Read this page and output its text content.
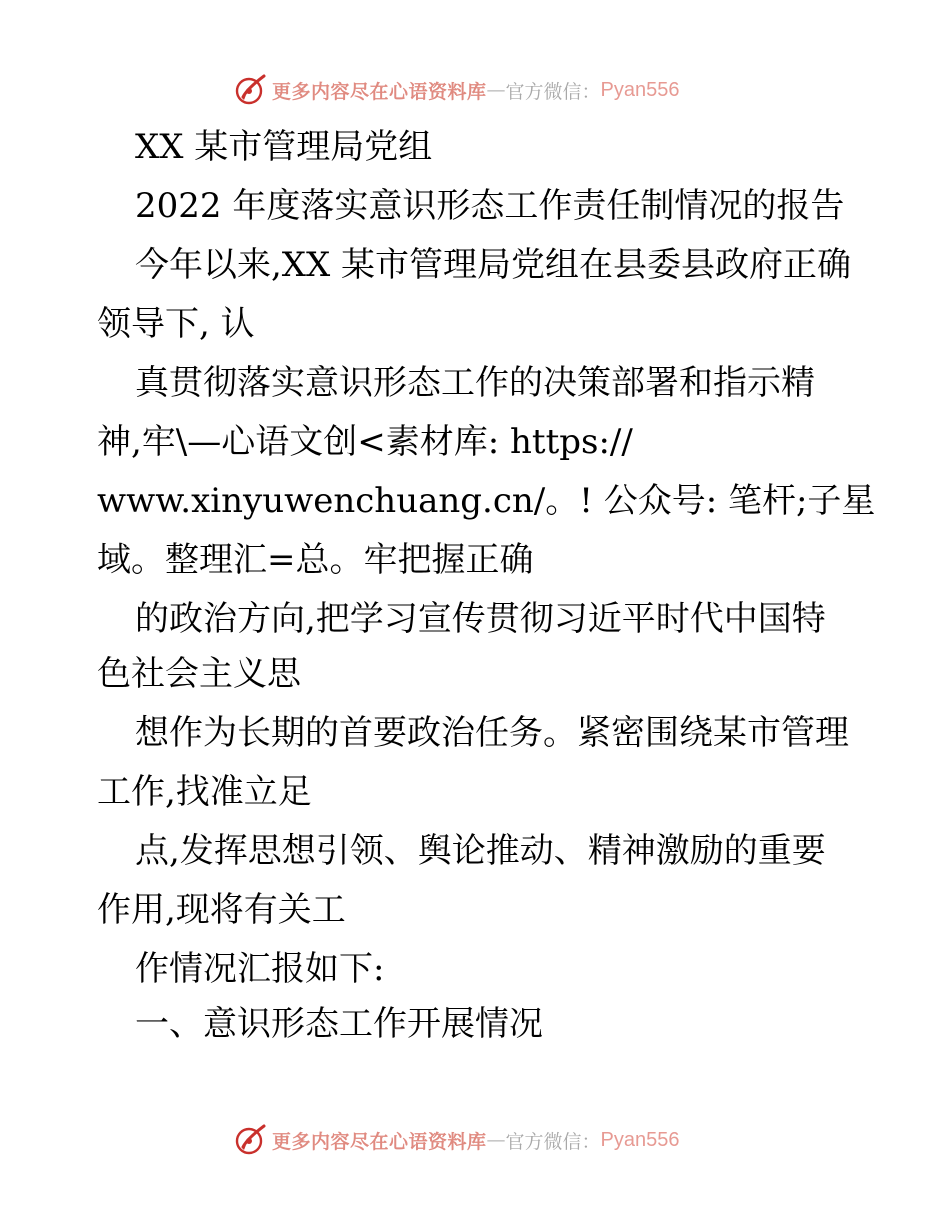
更多内容尽在心语资料库 — 官方微信： Pyan556

XX 某市管理局党组

2022 年度落实意识形态工作责任制情况的报告

今年以来,XX 某市管理局党组在县委县政府正确

领导下, 认

真贯彻落实意识形态工作的决策部署和指示精

神,牢\—心语文创<素材库: https://

www.xinyuwenchuang.cn/。! 公众号: 笔杆;子星

域。整理汇=总。牢把握正确

的政治方向,把学习宣传贯彻习近平时代中国特

色社会主义思

想作为长期的首要政治任务。紧密围绕某市管理

工作,找准立足

点,发挥思想引领、舆论推动、精神激励的重要

作用,现将有关工

作情况汇报如下:

一、意识形态工作开展情况

更多内容尽在心语资料库 — 官方微信： Pyan556
